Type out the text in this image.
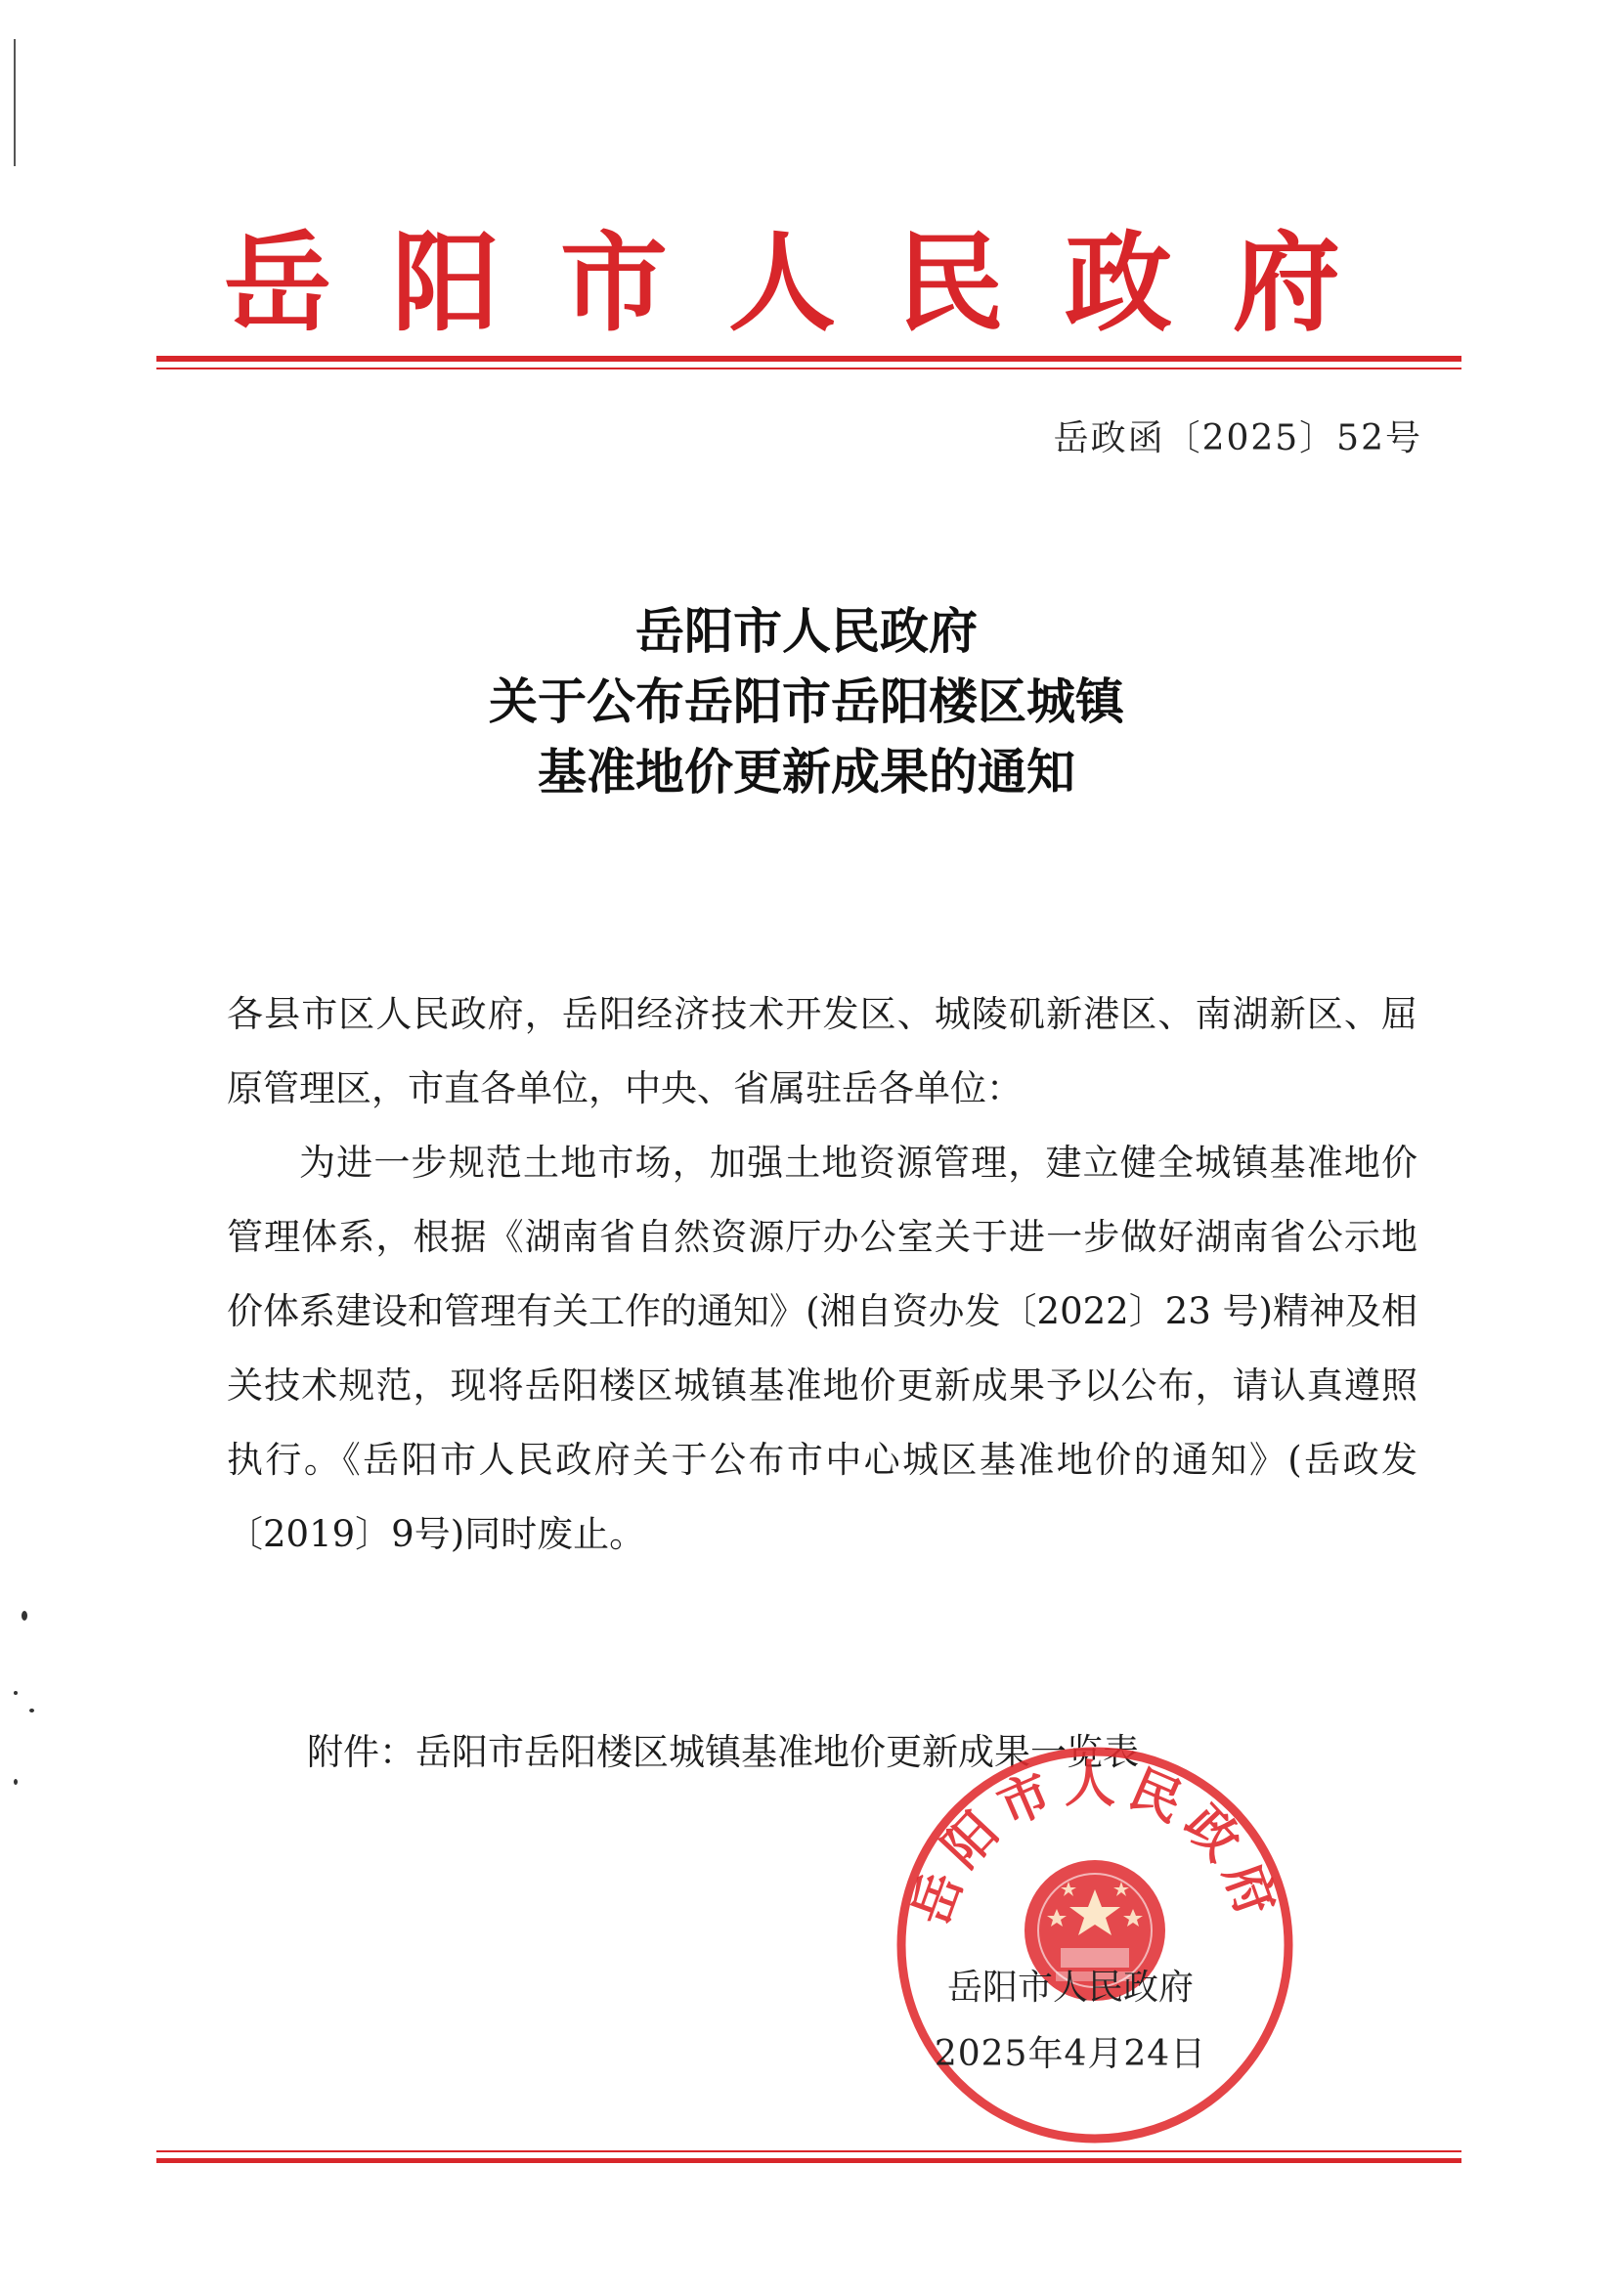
岳阳市人民政府
岳政函〔2025〕52号
岳阳市人民政府
关于公布岳阳市岳阳楼区城镇
基准地价更新成果的通知

各县市区人民政府，岳阳经济技术开发区、城陵矶新港区、南湖新区、屈原管理区，市直各单位，中央、省属驻岳各单位：

为进一步规范土地市场，加强土地资源管理，建立健全城镇基准地价管理体系，根据《湖南省自然资源厅办公室关于进一步做好湖南省公示地价体系建设和管理有关工作的通知》(湘自资办发〔2022〕23 号)精神及相关技术规范，现将岳阳楼区城镇基准地价更新成果予以公布，请认真遵照执行。《岳阳市人民政府关于公布市中心城区基准地价的通知》(岳政发〔2019〕9号)同时废止。

附件：岳阳市岳阳楼区城镇基准地价更新成果一览表
岳阳市人民政府
岳阳市人民政府
2025年4月24日
